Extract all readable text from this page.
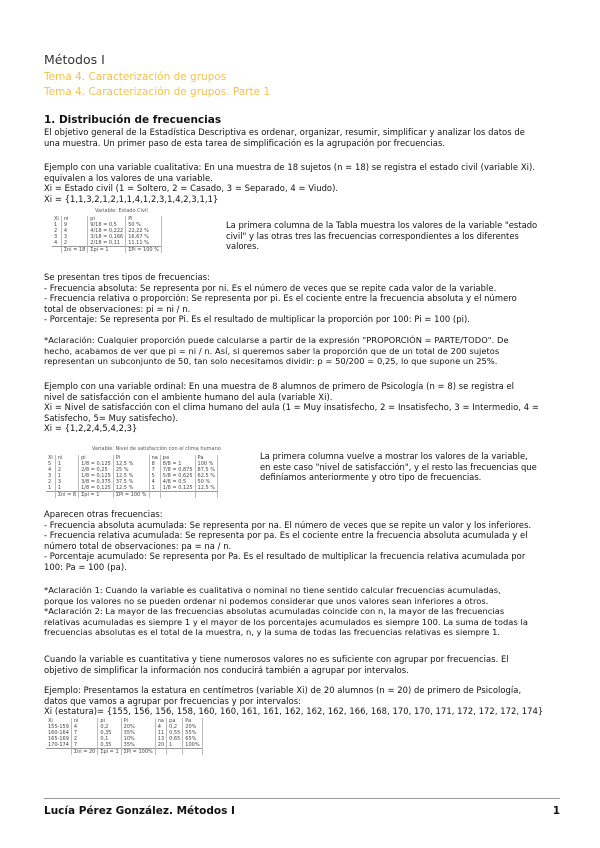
Métodos I
Tema 4. Caracterización de grupos
Tema 4. Caracterización de grupos. Parte 1
1. Distribución de frecuencias
El objetivo general de la Estadística Descriptiva es ordenar, organizar, resumir, simplificar y analizar los datos de
una muestra. Un primer paso de esta tarea de simplificación es la agrupación por frecuencias.
Ejemplo con una variable cualitativa: En una muestra de 18 sujetos (n = 18) se registra el estado civil (variable Xi).
equivalen a los valores de una variable.
Xi = Estado civil (1 = Soltero, 2 = Casado, 3 = Separado, 4 = Viudo).
Xi = {1,1,3,2,1,2,1,1,4,1,2,3,1,4,2,3,1,1}
Variable: Estado Civil
Xi	ni	pi	Pi
1	9	9/18 = 0,5	50 %
2	4	4/18 = 0,222	22,22 %
3	3	3/18 = 0,166	16,67 %
4	2	2/18 = 0,11	11,11 %
	Σni = 18	Σpi = 1	ΣPi = 100 %
La primera columna de la Tabla muestra los valores de la variable "estado
civil" y las otras tres las frecuencias correspondientes a los diferentes
valores.
Se presentan tres tipos de frecuencias:
- Frecuencia absoluta: Se representa por ni. Es el número de veces que se repite cada valor de la variable.
- Frecuencia relativa o proporción: Se representa por pi. Es el cociente entre la frecuencia absoluta y el número
total de observaciones: pi = ni / n.
- Porcentaje: Se representa por Pi. Es el resultado de multiplicar la proporción por 100: Pi = 100 (pi).
*Aclaración: Cualquier proporción puede calcularse a partir de la expresión "PROPORCIÓN = PARTE/TODO". De
hecho, acabamos de ver que pi = ni / n. Así, si queremos saber la proporción que de un total de 200 sujetos
representan un subconjunto de 50, tan solo necesitamos dividir: p = 50/200 = 0,25, lo que supone un 25%.
Ejemplo con una variable ordinal: En una muestra de 8 alumnos de primero de Psicología (n = 8) se registra el
nivel de satisfacción con el ambiente humano del aula (variable Xi).
Xi = Nivel de satisfacción con el clima humano del aula (1 = Muy insatisfecho, 2 = Insatisfecho, 3 = Intermedio, 4 =
Satisfecho, 5= Muy satisfecho).
Xi = {1,2,2,4,5,4,2,3}
Variable: Nivel de satisfacción con el clima humano
Xi	ni	pi	Pi	na	pa	Pa
5	1	1/8 = 0,125	12,5 %	8	8/8 = 1	100 %
4	2	2/8 = 0,25	25 %	7	7/8 = 0,875	87,5 %
3	1	1/8 = 0,125	12,5 %	5	5/8 = 0,625	62,5 %
2	3	3/8 = 0,375	37,5 %	4	4/8 = 0,5	50 %
1	1	1/8 = 0,125	12,5 %	1	1/8 = 0,125	12,5 %
	Σni = 8	Σpi = 1	ΣPi = 100 %			
La primera columna vuelve a mostrar los valores de la variable,
en este caso "nivel de satisfacción", y el resto las frecuencias que
definíamos anteriormente y otro tipo de frecuencias.
Aparecen otras frecuencias:
- Frecuencia absoluta acumulada: Se representa por na. El número de veces que se repite un valor y los inferiores.
- Frecuencia relativa acumulada: Se representa por pa. Es el cociente entre la frecuencia absoluta acumulada y el
número total de observaciones: pa = na / n.
- Porcentaje acumulado: Se representa por Pa. Es el resultado de multiplicar la frecuencia relativa acumulada por
100: Pa = 100 (pa).
*Aclaración 1: Cuando la variable es cualitativa o nominal no tiene sentido calcular frecuencias acumuladas,
porque los valores no se pueden ordenar ni podemos considerar que unos valores sean inferiores a otros.
*Aclaración 2: La mayor de las frecuencias absolutas acumuladas coincide con n, la mayor de las frecuencias
relativas acumuladas es siempre 1 y el mayor de los porcentajes acumulados es siempre 100. La suma de todas la
frecuencias absolutas es el total de la muestra, n, y la suma de todas las frecuencias relativas es siempre 1.
Cuando la variable es cuantitativa y tiene numerosos valores no es suficiente con agrupar por frecuencias. El
objetivo de simplificar la información nos conducirá también a agrupar por intervalos.
Ejemplo: Presentamos la estatura en centímetros (variable Xi) de 20 alumnos (n = 20) de primero de Psicología,
datos que vamos a agrupar por frecuencias y por intervalos:
Xi (estatura)= {155, 156, 156, 158, 160, 160, 161, 161, 162, 162, 162, 166, 168, 170, 170, 171, 172, 172, 172, 174}
Xi	ni	pi	Pi	na	pa	Pa
155-159	4	0,2	20%	4	0,2	20%
160-164	7	0,35	35%	11	0,55	55%
165-169	2	0,1	10%	13	0,65	65%
170-174	7	0,35	35%	20	1	100%
	Σni = 20	Σpi = 1	ΣPi = 100%			
Lucía Pérez González. Métodos I	1
